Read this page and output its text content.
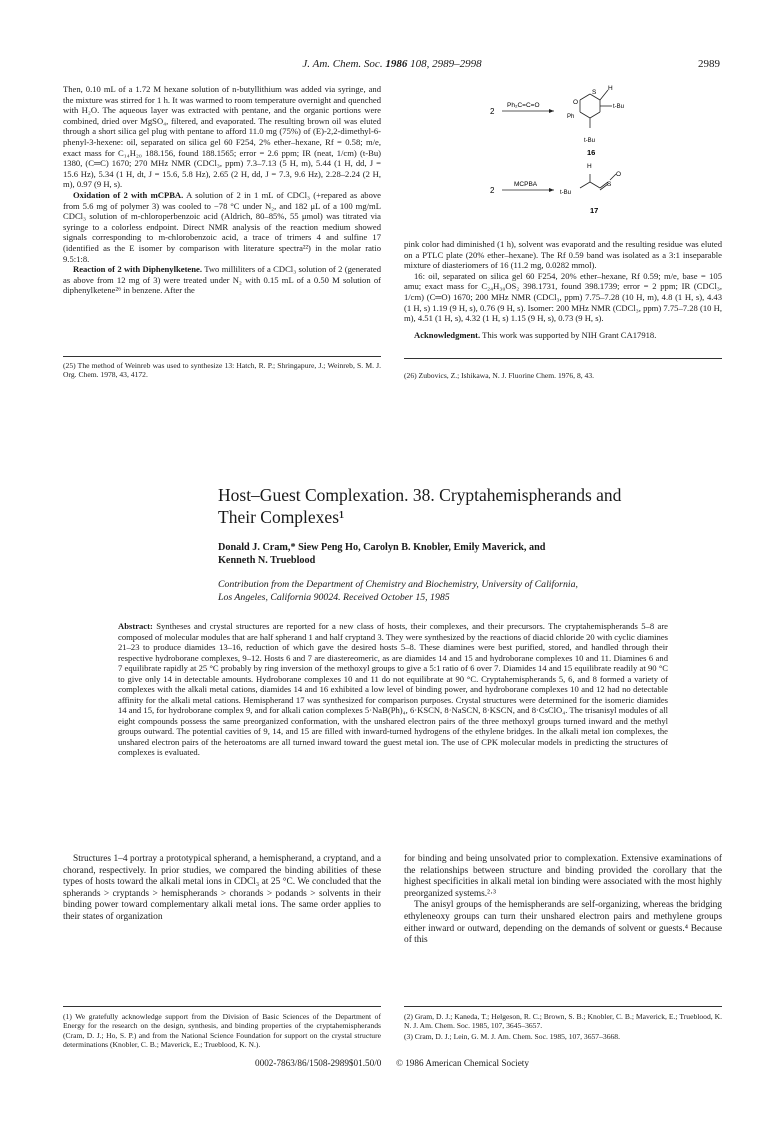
J. Am. Chem. Soc. 1986 108, 2989–2998	2989

Then, 0.10 mL of a 1.72 M hexane solution of n-butyllithium was added via syringe, and the mixture was stirred for 1 h. It was warmed to room temperature overnight and quenched with H₂O. The aqueous layer was extracted with pentane, and the organic portions were combined, dried over MgSO₄, filtered, and evaporated. The resulting brown oil was eluted through a short silica gel plug with pentane to afford 11.0 mg (75%) of (E)-2,2-dimethyl-6-phenyl-3-hexene: oil, separated on silica gel 60 F254, 2% ether–hexane, Rf = 0.58; m/e, exact mass for C₁₄H₂₀ 188.156, found 188.1565; error = 2.6 ppm; IR (neat, 1/cm) (t-Bu) 1380, (C═C) 1670; 270 MHz NMR (CDCl₃, ppm) 7.3–7.13 (5 H, m), 5.44 (1 H, dd, J = 15.6 Hz), 5.34 (1 H, dt, J = 15.6, 5.8 Hz), 2.65 (2 H, dd, J = 7.3, 9.6 Hz), 2.28–2.24 (2 H, m), 0.97 (9 H, s).

Oxidation of 2 with mCPBA. A solution of 2 in 1 mL of CDCl₃ (+repared as above from 5.6 mg of polymer 3) was cooled to −78 °C under N₂, and 182 μL of a 100 mg/mL CDCl₃ solution of m-chloroperbenzoic acid (Aldrich, 80–85%, 55 μmol) was titrated via syringe to a colorless endpoint. Direct NMR analysis of the reaction medium showed signals corresponding to m-chlorobenzoic acid, a trace of trimers 4 and sulfine 17 (identified as the E isomer by comparison with literature spectra²²) in the molar ratio 9.5:1:8.

Reaction of 2 with Diphenylketene. Two milliliters of a CDCl₃ solution of 2 (generated as above from 12 mg of 3) were treated under N₂ with 0.15 mL of a 0.50 M solution of diphenylketene²⁶ in benzene. After the

2
Ph₂C=C=O	O
S
H
t-Bu
Ph
t-Bu
16
2
MCPBA
H
t-Bu
S
O
17

pink color had diminished (1 h), solvent was evaporatd and the resulting residue was eluted on a PTLC plate (20% ether–hexane). The Rf 0.59 band was isolated as a 3:1 inseparable mixture of diasteriomers of 16 (11.2 mg, 0.0282 mmol).

16: oil, separated on silica gel 60 F254, 20% ether–hexane, Rf 0.59; m/e, base = 105 amu; exact mass for C₂₄H₃₀OS₂ 398.1731, found 398.1739; error = 2 ppm; IR (CDCl₃, 1/cm) (C═O) 1670; 200 MHz NMR (CDCl₃, ppm) 7.75–7.28 (10 H, m), 4.8 (1 H, s), 4.43 (1 H, s) 1.19 (9 H, s), 0.76 (9 H, s). Isomer: 200 MHz NMR (CDCl₃, ppm) 7.75–7.28 (10 H, m), 4.51 (1 H, s), 4.32 (1 H, s) 1.15 (9 H, s), 0.73 (9 H, s).

Acknowledgment. This work was supported by NIH Grant CA17918.

(25) The method of Weinreb was used to synthesize 13: Hatch, R. P.; Shringapure, J.; Weinreb, S. M. J. Org. Chem. 1978, 43, 4172.	(26) Zubovics, Z.; Ishikawa, N. J. Fluorine Chem. 1976, 8, 43.
Host–Guest Complexation. 38. Cryptahemispherands and
Their Complexes¹
Donald J. Cram,* Siew Peng Ho, Carolyn B. Knobler, Emily Maverick, and
Kenneth N. Trueblood
Contribution from the Department of Chemistry and Biochemistry, University of California,
Los Angeles, California 90024. Received October 15, 1985
Abstract: Syntheses and crystal structures are reported for a new class of hosts, their complexes, and their precursors. The cryptahemispherands 5–8 are composed of molecular modules that are half spherand 1 and half cryptand 3. They were synthesized by the reactions of diacid chloride 20 with cyclic diamines 21–23 to produce diamides 13–16, reduction of which gave the desired hosts 5–8. These diamines were best purified, stored, and handled through their respective hydroborane complexes, 9–12. Hosts 6 and 7 are diastereomeric, as are diamides 14 and 15 and hydroborane complexes 10 and 11. Diamines 6 and 7 equilibrate rapidly at 25 °C probably by ring inversion of the methoxyl groups to give a 5:1 ratio of 6 over 7. Diamides 14 and 15 equilibrate readily at 90 °C to give only 14 in detectable amounts. Hydroborane complexes 10 and 11 do not equilibrate at 90 °C. Cryptahemispherands 5, 6, and 8 formed a variety of complexes with the alkali metal cations, diamides 14 and 16 exhibited a low level of binding power, and hydroborane complexes 10 and 12 had no detectable affinity for the alkali metal cations. Hemispherand 17 was synthesized for comparison purposes. Crystal structures were determined for the isomeric diamides 14 and 15, for hydroborane complex 9, and for alkali cation complexes 5·NaB(Ph)₄, 6·KSCN, 8·NaSCN, 8·KSCN, and 8·CsClO₄. The trisanisyl modules of all eight compounds possess the same preorganized conformation, with the unshared electron pairs of the three methoxyl groups turned inward and the methyl groups outward. The potential cavities of 9, 14, and 15 are filled with inward-turned hydrogens of the ethylene bridges. In the alkali metal ion complexes, the unshared electron pairs of the heteroatoms are all turned inward toward the guest metal ion. The use of CPK molecular models in predicting the structures of complexes is evaluated.

Structures 1–4 portray a prototypical spherand, a hemispherand, a cryptand, and a chorand, respectively. In prior studies, we compared the binding abilities of these types of hosts toward the alkali metal ions in CDCl₃ at 25 °C. We concluded that the spherands > cryptands > hemispherands > chorands > podands > solvents in their binding power toward complementary alkali metal ions. The same order applies to their states of organization

for binding and being unsolvated prior to complexation. Extensive examinations of the relationships between structure and binding provided the corollary that the highest specificities in alkali metal ion binding were associated with the most highly preorganized systems.²·³

The anisyl groups of the hemispherands are self-organizing, whereas the bridging ethyleneoxy groups can turn their unshared electron pairs and methylene groups either inward or outward, depending on the demands of solvent or guests.⁴ Because of this

(1) We gratefully acknowledge support from the Division of Basic Sciences of the Department of Energy for the research on the design, synthesis, and binding properties of the cryptahemispherands (Cram, D. J.; Ho, S. P.) and from the National Science Foundation for support on the crystal structure determinations (Knobler, C. B.; Maverick, E.; Trueblood, K. N.).
(2) Gram, D. J.; Kaneda, T.; Helgeson, R. C.; Brown, S. B.; Knobler, C. B.; Maverick, E.; Trueblood, K. N. J. Am. Chem. Soc. 1985, 107, 3645–3657.
(3) Cram, D. J.; Lein, G. M. J. Am. Chem. Soc. 1985, 107, 3657–3668.
0002-7863/86/1508-2989$01.50/0 © 1986 American Chemical Society
